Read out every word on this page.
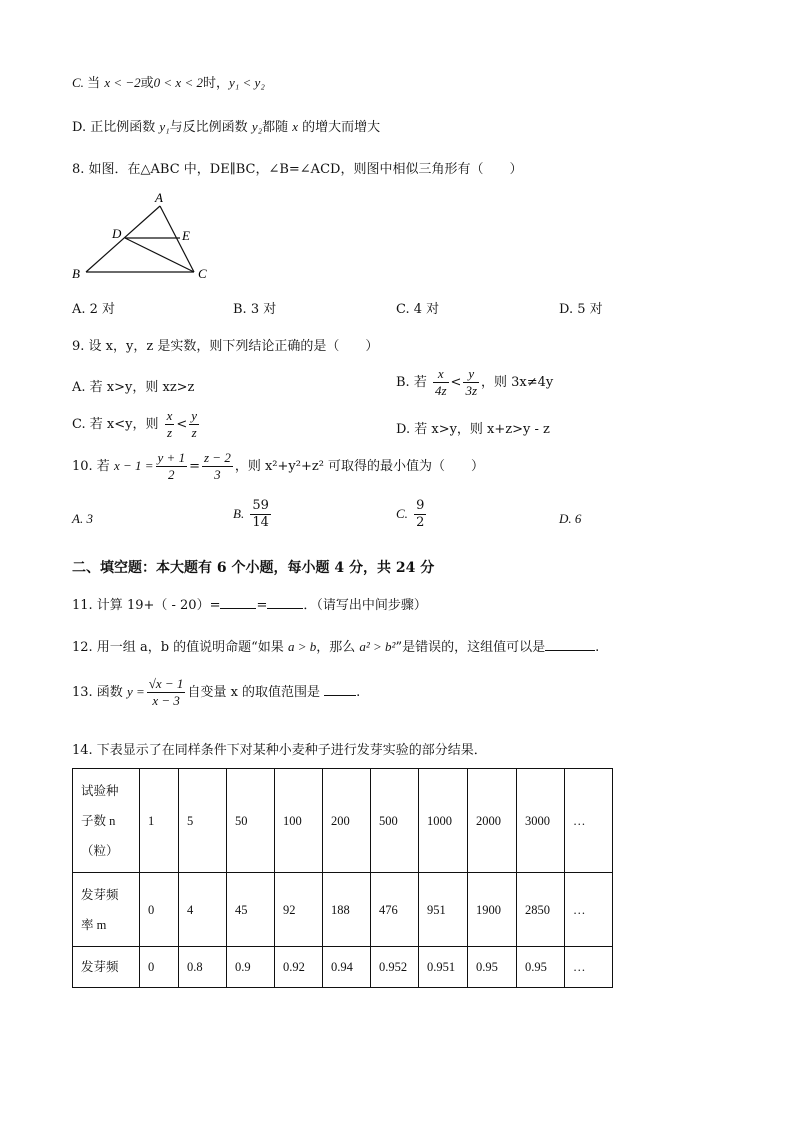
C. 当 x < −2或0 < x < 2时，y₁ < y₂
D. 正比例函数 y₁与反比例函数 y₂都随 x 的增大而增大
8. 如图．在△ABC 中，DE∥BC，∠B=∠ACD，则图中相似三角形有（　　）
A
D	E
B	C
A. 2 对	B. 3 对	C. 4 对	D. 5 对
9. 设 x，y，z 是实数，则下列结论正确的是（　　）
A. 若 x>y，则 xz>z	B. 若 $\frac{x}{4z} < \frac{y}{3z}$ ，则 3x≠4y
C. 若 x<y，则 $\frac{x}{z} < \frac{y}{z}$	D. 若 x>y，则 x+z>y - z
10. 若 $x - 1 = \frac{y + 1}{2} = \frac{z - 2}{3}$ ，则 x²+y²+z² 可取得的最小值为（　　）
A. 3	B. $\frac{59}{14}$	C. $\frac{9}{2}$	D. 6
二、填空题：本大题有 6 个小题，每小题 4 分，共 24 分
11. 计算 19+（ - 20）=	=	．（请写出中间步骤）
12. 用一组 a，b 的值说明命题“如果 a > b，那么 a² > b²”是错误的，这组值可以是	.
13. 函数 $y = \frac{√x - 1}{x - 3}$ 自变量 x 的取值范围是 .
14. 下表显示了在同样条件下对某种小麦种子进行发芽实验的部分结果．
试验种
子数 n
（粒）	1	5	50	100	200	500	1000	2000	3000	…

发芽频
率 m	0	4	45	92	188	476	951	1900	2850	…
发芽频	0	0.8	0.9	0.92	0.94	0.952	0.951	0.95	0.95	…
